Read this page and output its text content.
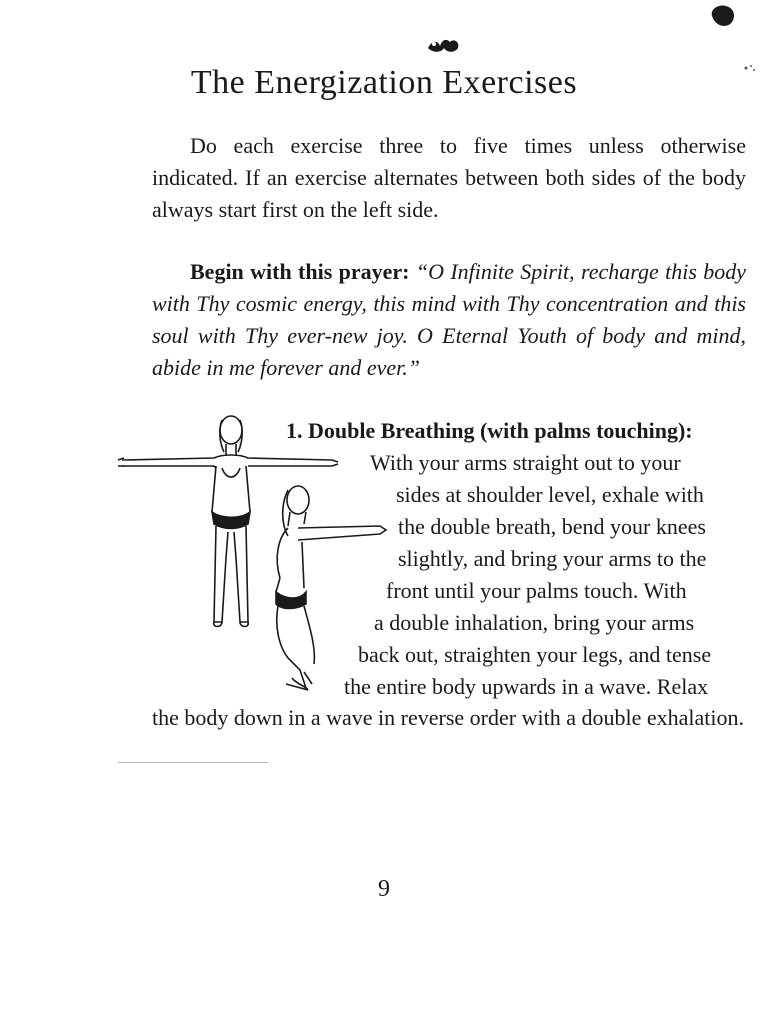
The Energization Exercises
Do each exercise three to five times unless otherwise indicated. If an exercise alternates between both sides of the body always start first on the left side.
Begin with this prayer: “O Infinite Spirit, recharge this body with Thy cosmic energy, this mind with Thy concentration and this soul with Thy ever-new joy. O Eternal Youth of body and mind, abide in me forever and ever.”
1. Double Breathing (with palms touching):
With your arms straight out to your
sides at shoulder level, exhale with
the double breath, bend your knees
slightly, and bring your arms to the
front until your palms touch. With
a double inhalation, bring your arms
back out, straighten your legs, and tense
the entire body upwards in a wave. Relax
the body down in a wave in reverse order with a double exhalation.
9
